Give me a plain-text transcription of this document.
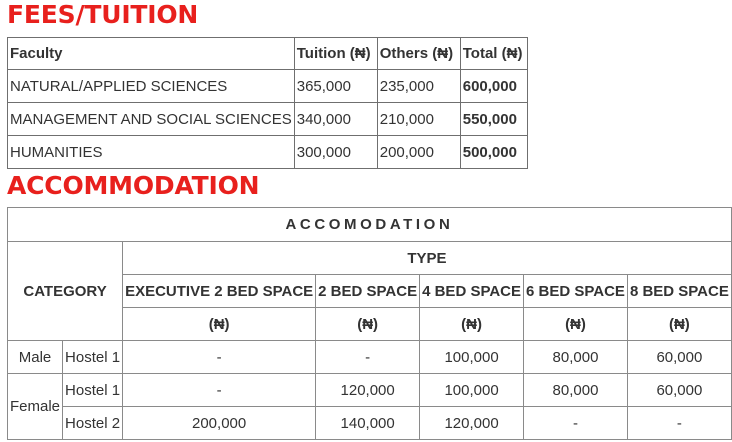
FEES/TUITION
Faculty	Tuition (₦)	Others (₦)	Total (₦)
NATURAL/APPLIED SCIENCES	365,000	235,000	600,000
MANAGEMENT AND SOCIAL SCIENCES	340,000	210,000	550,000
HUMANITIES	300,000	200,000	500,000
ACCOMMODATION
ACCOMODATION						
CATEGORY		TYPE				
		EXECUTIVE 2 BED SPACE	2 BED SPACE	4 BED SPACE	6 BED SPACE	8 BED SPACE
		(₦)	(₦)	(₦)	(₦)	(₦)
Male	Hostel 1	-	-	100,000	80,000	60,000
Female	Hostel 1	-	120,000	100,000	80,000	60,000
	Hostel 2	200,000	140,000	120,000	-	-
